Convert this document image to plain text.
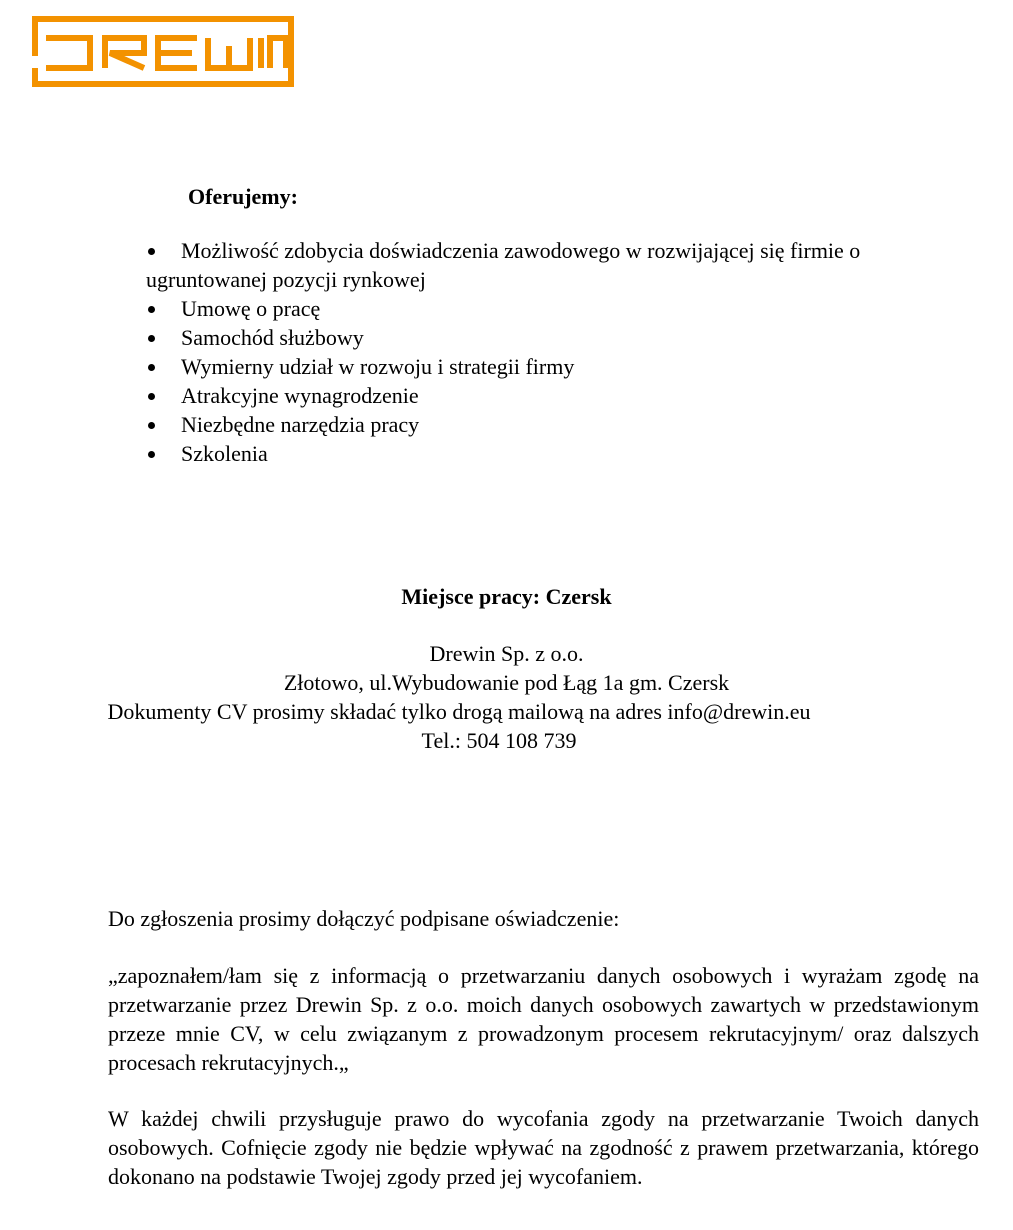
Oferujemy:
Możliwość zdobycia doświadczenia zawodowego w rozwijającej się firmie o ugruntowanej pozycji rynkowej
Umowę o pracę
Samochód służbowy
Wymierny udział w rozwoju i strategii firmy
Atrakcyjne wynagrodzenie
Niezbędne narzędzia pracy
Szkolenia
Miejsce pracy: Czersk
Drewin Sp. z o.o.
Złotowo, ul.Wybudowanie pod Łąg 1a gm. Czersk
Dokumenty CV prosimy składać tylko drogą mailową na adres info@drewin.eu
Tel.: 504 108 739
Do zgłoszenia prosimy dołączyć podpisane oświadczenie:
„zapoznałem/łam się z informacją o przetwarzaniu danych osobowych i wyrażam zgodę na przetwarzanie przez Drewin Sp. z o.o. moich danych osobowych zawartych w przedstawionym przeze mnie CV, w celu związanym z prowadzonym procesem rekrutacyjnym/ oraz dalszych procesach rekrutacyjnych.„
W każdej chwili przysługuje prawo do wycofania zgody na przetwarzanie Twoich danych osobowych. Cofnięcie zgody nie będzie wpływać na zgodność z prawem przetwarzania, którego dokonano na podstawie Twojej zgody przed jej wycofaniem.
